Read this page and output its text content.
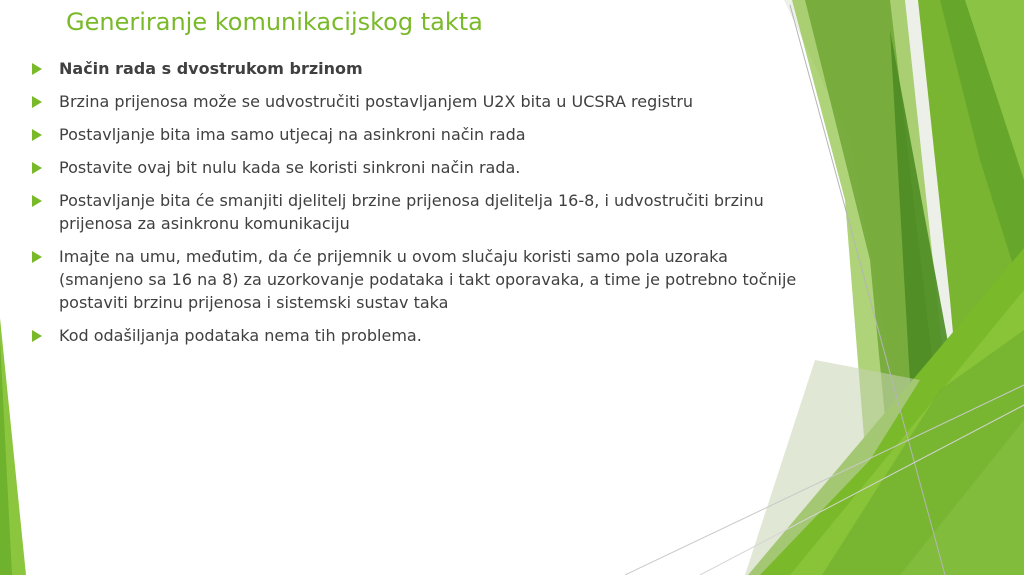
Generiranje komunikacijskog takta
Način rada s dvostrukom brzinom
Brzina prijenosa može se udvostručiti postavljanjem U2X bita u UCSRA registru
Postavljanje bita ima samo utjecaj na asinkroni način rada
Postavite ovaj bit nulu kada se koristi sinkroni način rada.
Postavljanje bita će smanjiti djelitelj brzine prijenosa djelitelja 16-8, i udvostručiti brzinu prijenosa za asinkronu komunikaciju
Imajte na umu, međutim, da će prijemnik u ovom slučaju koristi samo pola uzoraka (smanjeno sa 16 na 8) za uzorkovanje podataka i takt oporavaka, a time je potrebno točnije postaviti brzinu prijenosa i sistemski sustav taka
Kod odašiljanja podataka nema tih problema.
